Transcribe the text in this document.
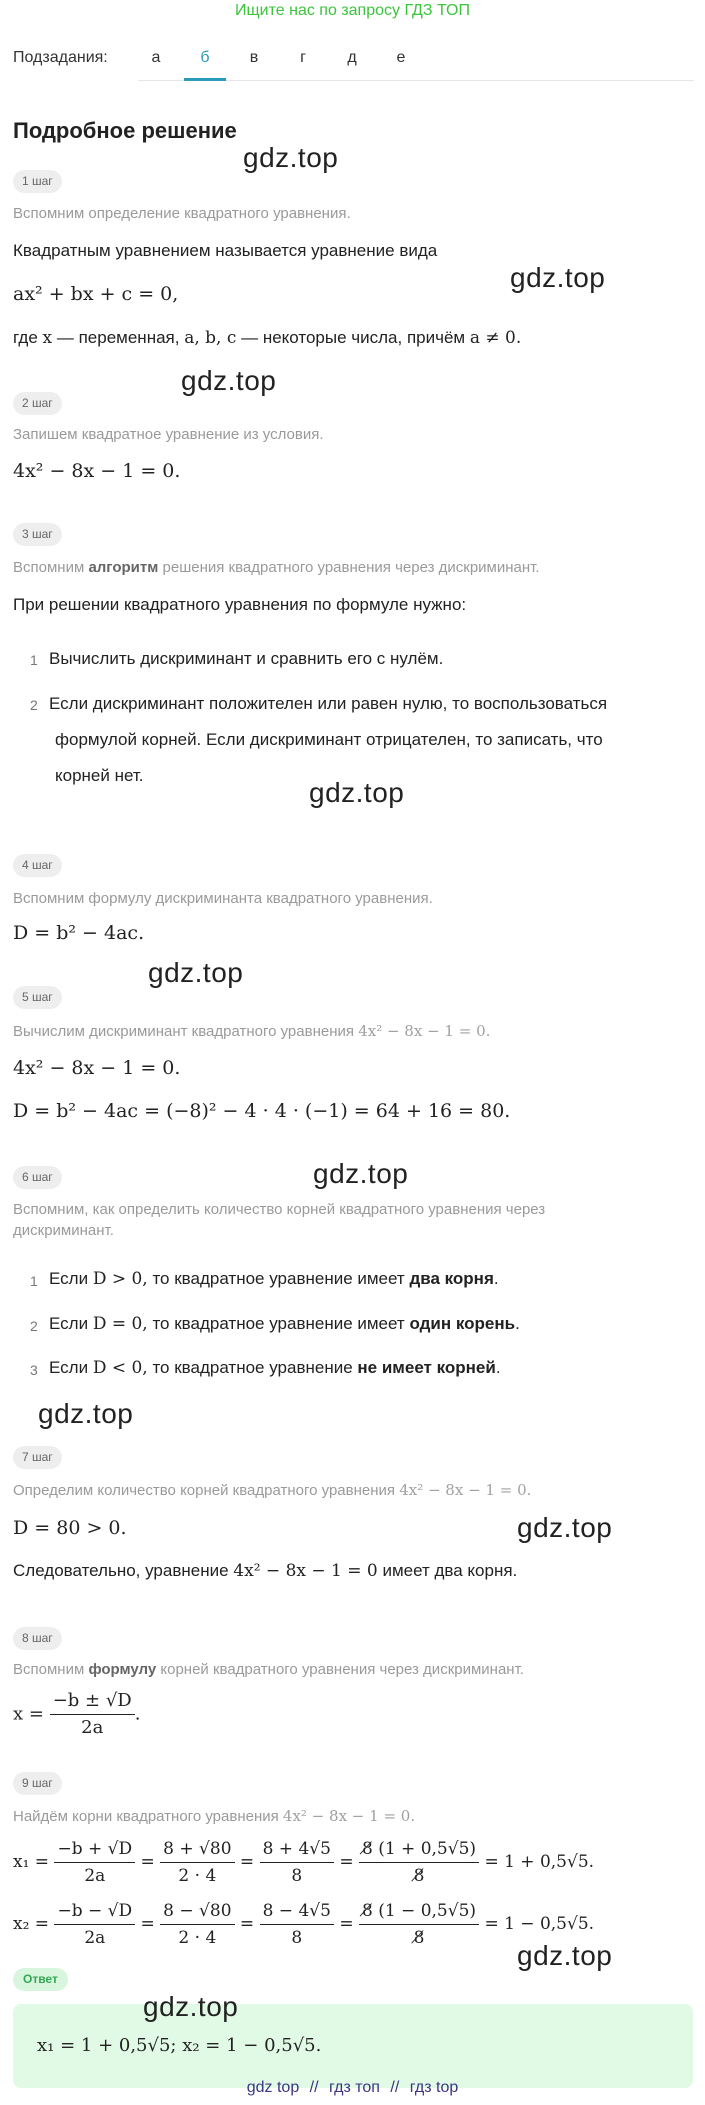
Ищите нас по запросу ГДЗ ТОП
Подзадания:	а	б	в	г	д	е
Подробное решение
gdz.top
gdz.top
gdz.top
gdz.top
gdz.top
gdz.top
gdz.top
gdz.top
gdz.top
gdz.top
1 шаг
Вспомним определение квадратного уравнения.
Квадратным уравнением называется уравнение вида
ax² + bx + c = 0,
где x — переменная, a, b, c — некоторые числа, причём a ≠ 0.
2 шаг
Запишем квадратное уравнение из условия.
4x² − 8x − 1 = 0.
3 шаг
Вспомним алгоритм решения квадратного уравнения через дискриминант.
При решении квадратного уравнения по формуле нужно:
1 Вычислить дискриминант и сравнить его с нулём.
2 Если дискриминант положителен или равен нулю, то воспользоваться
формулой корней. Если дискриминант отрицателен, то записать, что
корней нет.
4 шаг
Вспомним формулу дискриминанта квадратного уравнения.
D = b² − 4ac.
5 шаг
Вычислим дискриминант квадратного уравнения 4x² − 8x − 1 = 0.
4x² − 8x − 1 = 0.
D = b² − 4ac = (−8)² − 4 · 4 · (−1) = 64 + 16 = 80.
6 шаг
Вспомним, как определить количество корней квадратного уравнения через
дискриминант.
1 Если D > 0, то квадратное уравнение имеет два корня.
2 Если D = 0, то квадратное уравнение имеет один корень.
3 Если D < 0, то квадратное уравнение не имеет корней.
7 шаг
Определим количество корней квадратного уравнения 4x² − 8x − 1 = 0.
D = 80 > 0.
Следовательно, уравнение 4x² − 8x − 1 = 0 имеет два корня.
8 шаг
Вспомним формулу корней квадратного уравнения через дискриминант.
$x = \frac{-b \pm √D}{2a}$ .
9 шаг
Найдём корни квадратного уравнения 4x² − 8x − 1 = 0.
$x_1 = \frac{-b + √D}{2a} = \frac{8 + √80}{2 \cdot 4} = \frac{8 + 4√5}{8} = \frac{8̸ (1 + 0,5√5)}{8̸} = 1 + 0,5√5$.
$x_2 = \frac{-b - √D}{2a} = \frac{8 - √80}{2 \cdot 4} = \frac{8 - 4√5}{8} = \frac{8̸ (1 - 0,5√5)}{8̸} = 1 - 0,5√5$.
Ответ
x₁ = 1 + 0,5√5; x₂ = 1 − 0,5√5.
gdz top // гдз топ // гдз top
